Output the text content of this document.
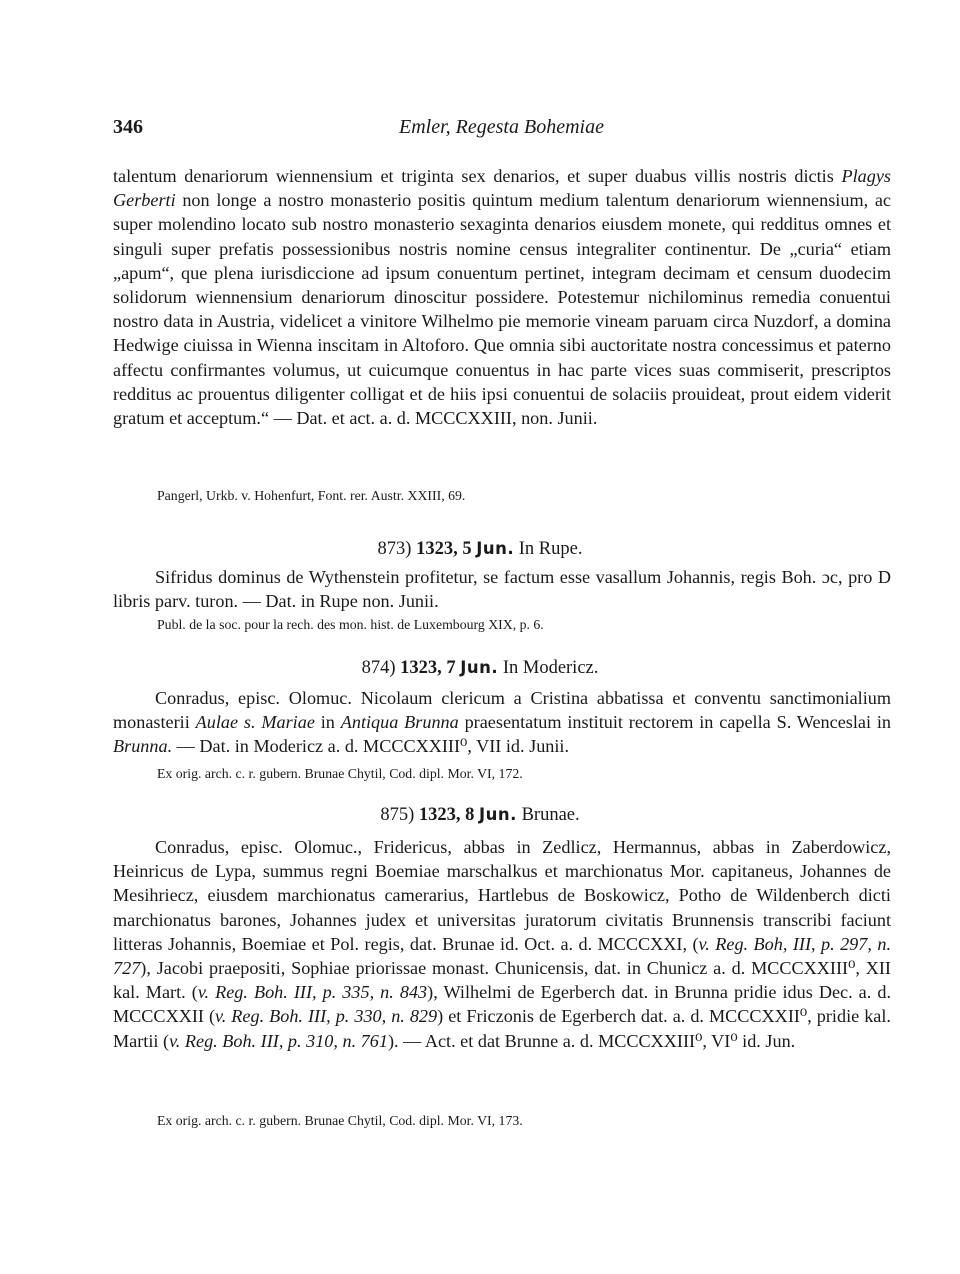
346	Emler, Regesta Bohemiae

talentum denariorum wiennensium et triginta sex denarios, et super duabus villis nostris dictis Plagys Gerberti non longe a nostro monasterio positis quintum medium talentum denariorum wiennensium, ac super molendino locato sub nostro monasterio sexaginta denarios eiusdem monete, qui redditus omnes et singuli super prefatis possessionibus nostris nomine census integraliter continentur. De „curia“ etiam „apum“, que plena iurisdiccione ad ipsum conuentum pertinet, integram decimam et censum duodecim solidorum wiennensium denariorum dinoscitur possidere. Potestemur nichilominus remedia conuentui nostro data in Austria, videlicet a vinitore Wilhelmo pie memorie vineam paruam circa Nuzdorf, a domina Hedwige ciuissa in Wienna inscitam in Altoforo. Que omnia sibi auctoritate nostra concessimus et paterno affectu confirmantes volumus, ut cuicumque conuentus in hac parte vices suas commiserit, prescriptos redditus ac prouentus diligenter colligat et de hiis ipsi conuentui de solaciis prouideat, prout eidem viderit gratum et acceptum.“ — Dat. et act. a. d. MCCCXXIII, non. Junii.

Pangerl, Urkb. v. Hohenfurt, Font. rer. Austr. XXIII, 69.
873) 1323, 5 Jun. In Rupe.

Sifridus dominus de Wythenstein profitetur, se factum esse vasallum Johannis, regis Boh. ɔc, pro D libris parv. turon. — Dat. in Rupe non. Junii.

Publ. de la soc. pour la rech. des mon. hist. de Luxembourg XIX, p. 6.
874) 1323, 7 Jun. In Modericz.

Conradus, episc. Olomuc. Nicolaum clericum a Cristina abbatissa et conventu sanctimonialium monasterii Aulae s. Mariae in Antiqua Brunna praesentatum instituit rectorem in capella S. Wenceslai in Brunna. — Dat. in Modericz a. d. MCCCXXIII⁰, VII id. Junii.

Ex orig. arch. c. r. gubern. Brunae Chytil, Cod. dipl. Mor. VI, 172.
875) 1323, 8 Jun. Brunae.

Conradus, episc. Olomuc., Fridericus, abbas in Zedlicz, Hermannus, abbas in Zaberdowicz, Heinricus de Lypa, summus regni Boemiae marschalkus et marchionatus Mor. capitaneus, Johannes de Mesihriecz, eiusdem marchionatus camerarius, Hartlebus de Boskowicz, Potho de Wildenberch dicti marchionatus barones, Johannes judex et universitas juratorum civitatis Brunnensis transcribi faciunt litteras Johannis, Boemiae et Pol. regis, dat. Brunae id. Oct. a. d. MCCCXXI, (v. Reg. Boh, III, p. 297, n. 727), Jacobi praepositi, Sophiae priorissae monast. Chunicensis, dat. in Chunicz a. d. MCCCXXIII⁰, XII kal. Mart. (v. Reg. Boh. III, p. 335, n. 843), Wilhelmi de Egerberch dat. in Brunna pridie idus Dec. a. d. MCCCXXII (v. Reg. Boh. III, p. 330, n. 829) et Friczonis de Egerberch dat. a. d. MCCCXXII⁰, pridie kal. Martii (v. Reg. Boh. III, p. 310, n. 761). — Act. et dat Brunne a. d. MCCCXXIII⁰, VI⁰ id. Jun.

Ex orig. arch. c. r. gubern. Brunae Chytil, Cod. dipl. Mor. VI, 173.
